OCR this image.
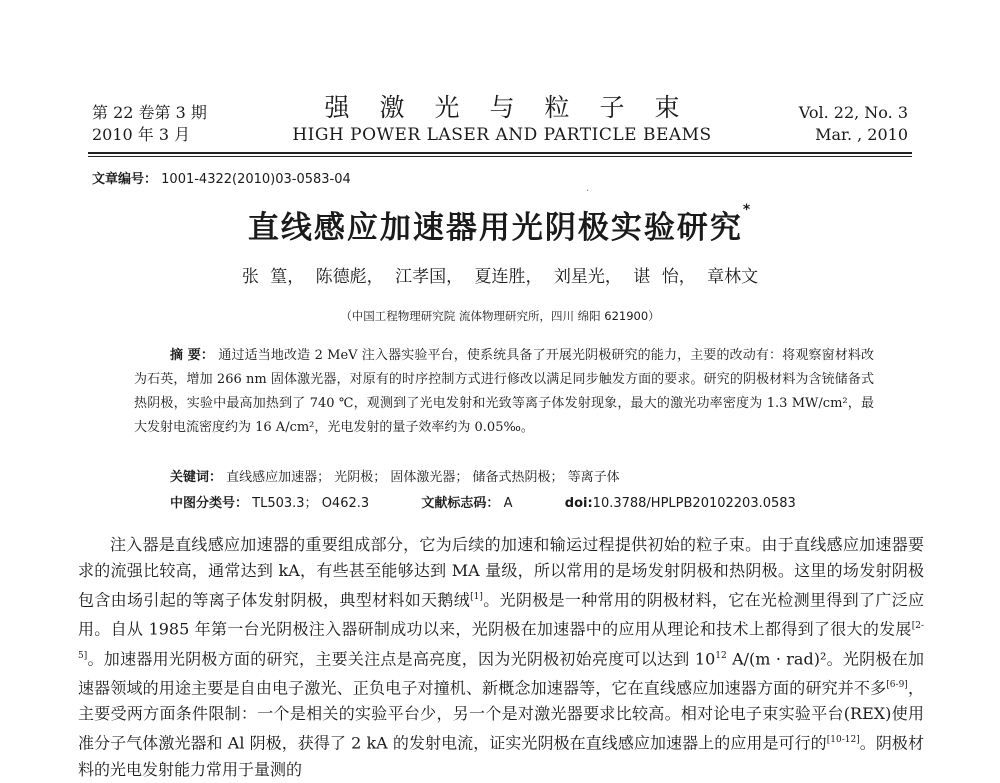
第 22 卷第 3 期
2010 年 3 月
强激光与粒子束
HIGH POWER LASER AND PARTICLE BEAMS
Vol. 22, No. 3
Mar. , 2010
文章编号： 1001-4322(2010)03-0583-04
·
直线感应加速器用光阴极实验研究*
张 篁， 陈德彪， 江孝国， 夏连胜， 刘星光， 谌 怡， 章林文
（中国工程物理研究院 流体物理研究所，四川 绵阳 621900）
摘 要： 通过适当地改造 2 MeV 注入器实验平台，使系统具备了开展光阴极研究的能力，主要的改动有：将观察窗材料改为石英，增加 266 nm 固体激光器，对原有的时序控制方式进行修改以满足同步触发方面的要求。研究的阴极材料为含铳储备式热阴极，实验中最高加热到了 740 ℃，观测到了光电发射和光致等离子体发射现象，最大的激光功率密度为 1.3 MW/cm²，最大发射电流密度约为 16 A/cm²，光电发射的量子效率约为 0.05‰。
关键词： 直线感应加速器； 光阴极； 固体激光器； 储备式热阴极； 等离子体
中图分类号： TL503.3； O462.3	文献标志码： A	doi:10.3788/HPLPB20102203.0583

注入器是直线感应加速器的重要组成部分，它为后续的加速和输运过程提供初始的粒子束。由于直线感应加速器要求的流强比较高，通常达到 kA，有些甚至能够达到 MA 量级，所以常用的是场发射阴极和热阴极。这里的场发射阴极包含由场引起的等离子体发射阴极，典型材料如天鹅绒[1]。光阴极是一种常用的阴极材料，它在光检测里得到了广泛应用。自从 1985 年第一台光阴极注入器研制成功以来，光阴极在加速器中的应用从理论和技术上都得到了很大的发展[2-5]。加速器用光阴极方面的研究，主要关注点是高亮度，因为光阴极初始亮度可以达到 $10^{12}$ A/(m · rad)²。光阴极在加速器领域的用途主要是自由电子激光、正负电子对撞机、新概念加速器等，它在直线感应加速器方面的研究并不多[6-9]，主要受两方面条件限制：一个是相关的实验平台少，另一个是对激光器要求比较高。相对论电子束实验平台(REX)使用准分子气体激光器和 Al 阴极，获得了 2 kA 的发射电流，证实光阴极在直线感应加速器上的应用是可行的[10-12]。阴极材料的光电发射能力常用于量测的
